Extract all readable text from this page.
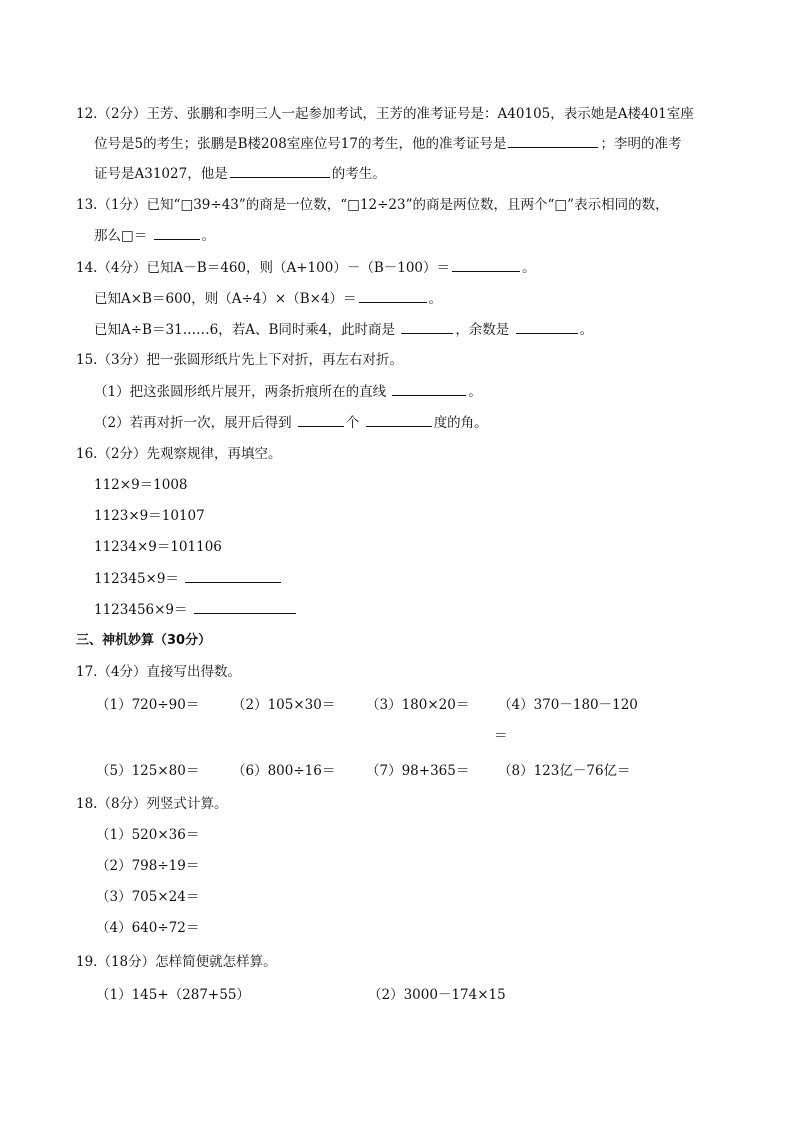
12.（2分）王芳、张鹏和李明三人一起参加考试，王芳的准考证号是：A40105，表示她是A楼401室座
位号是5的考生；张鹏是B楼208室座位号17的考生，他的准考证号是	；李明的准考
证号是A31027，他是	的考生。
13.（1分）已知“□39÷43”的商是一位数，“□12÷23”的商是两位数，且两个“□”表示相同的数，
那么□＝	。
14.（4分）已知A－B＝460，则（A+100）－（B－100）＝	。
已知A×B＝600，则（A÷4）×（B×4）＝	。
已知A÷B＝31……6，若A、B同时乘4，此时商是	，余数是	。
15.（3分）把一张圆形纸片先上下对折，再左右对折。
（1）把这张圆形纸片展开，两条折痕所在的直线	。
（2）若再对折一次，展开后得到	个	度的角。
16.（2分）先观察规律，再填空。
112×9＝1008
1123×9＝10107
11234×9＝101106
112345×9＝
1123456×9＝
三、神机妙算（30分）
17.（4分）直接写出得数。
（1）720÷90＝ （2）105×30＝ （3）180×20＝ （4）370－180－120
＝
（5）125×80＝ （6）800÷16＝ （7）98+365＝ （8）123亿－76亿＝
18.（8分）列竖式计算。
（1）520×36＝
（2）798÷19＝
（3）705×24＝
（4）640÷72＝
19.（18分）怎样简便就怎样算。
（1）145+（287+55）	（2）3000－174×15
